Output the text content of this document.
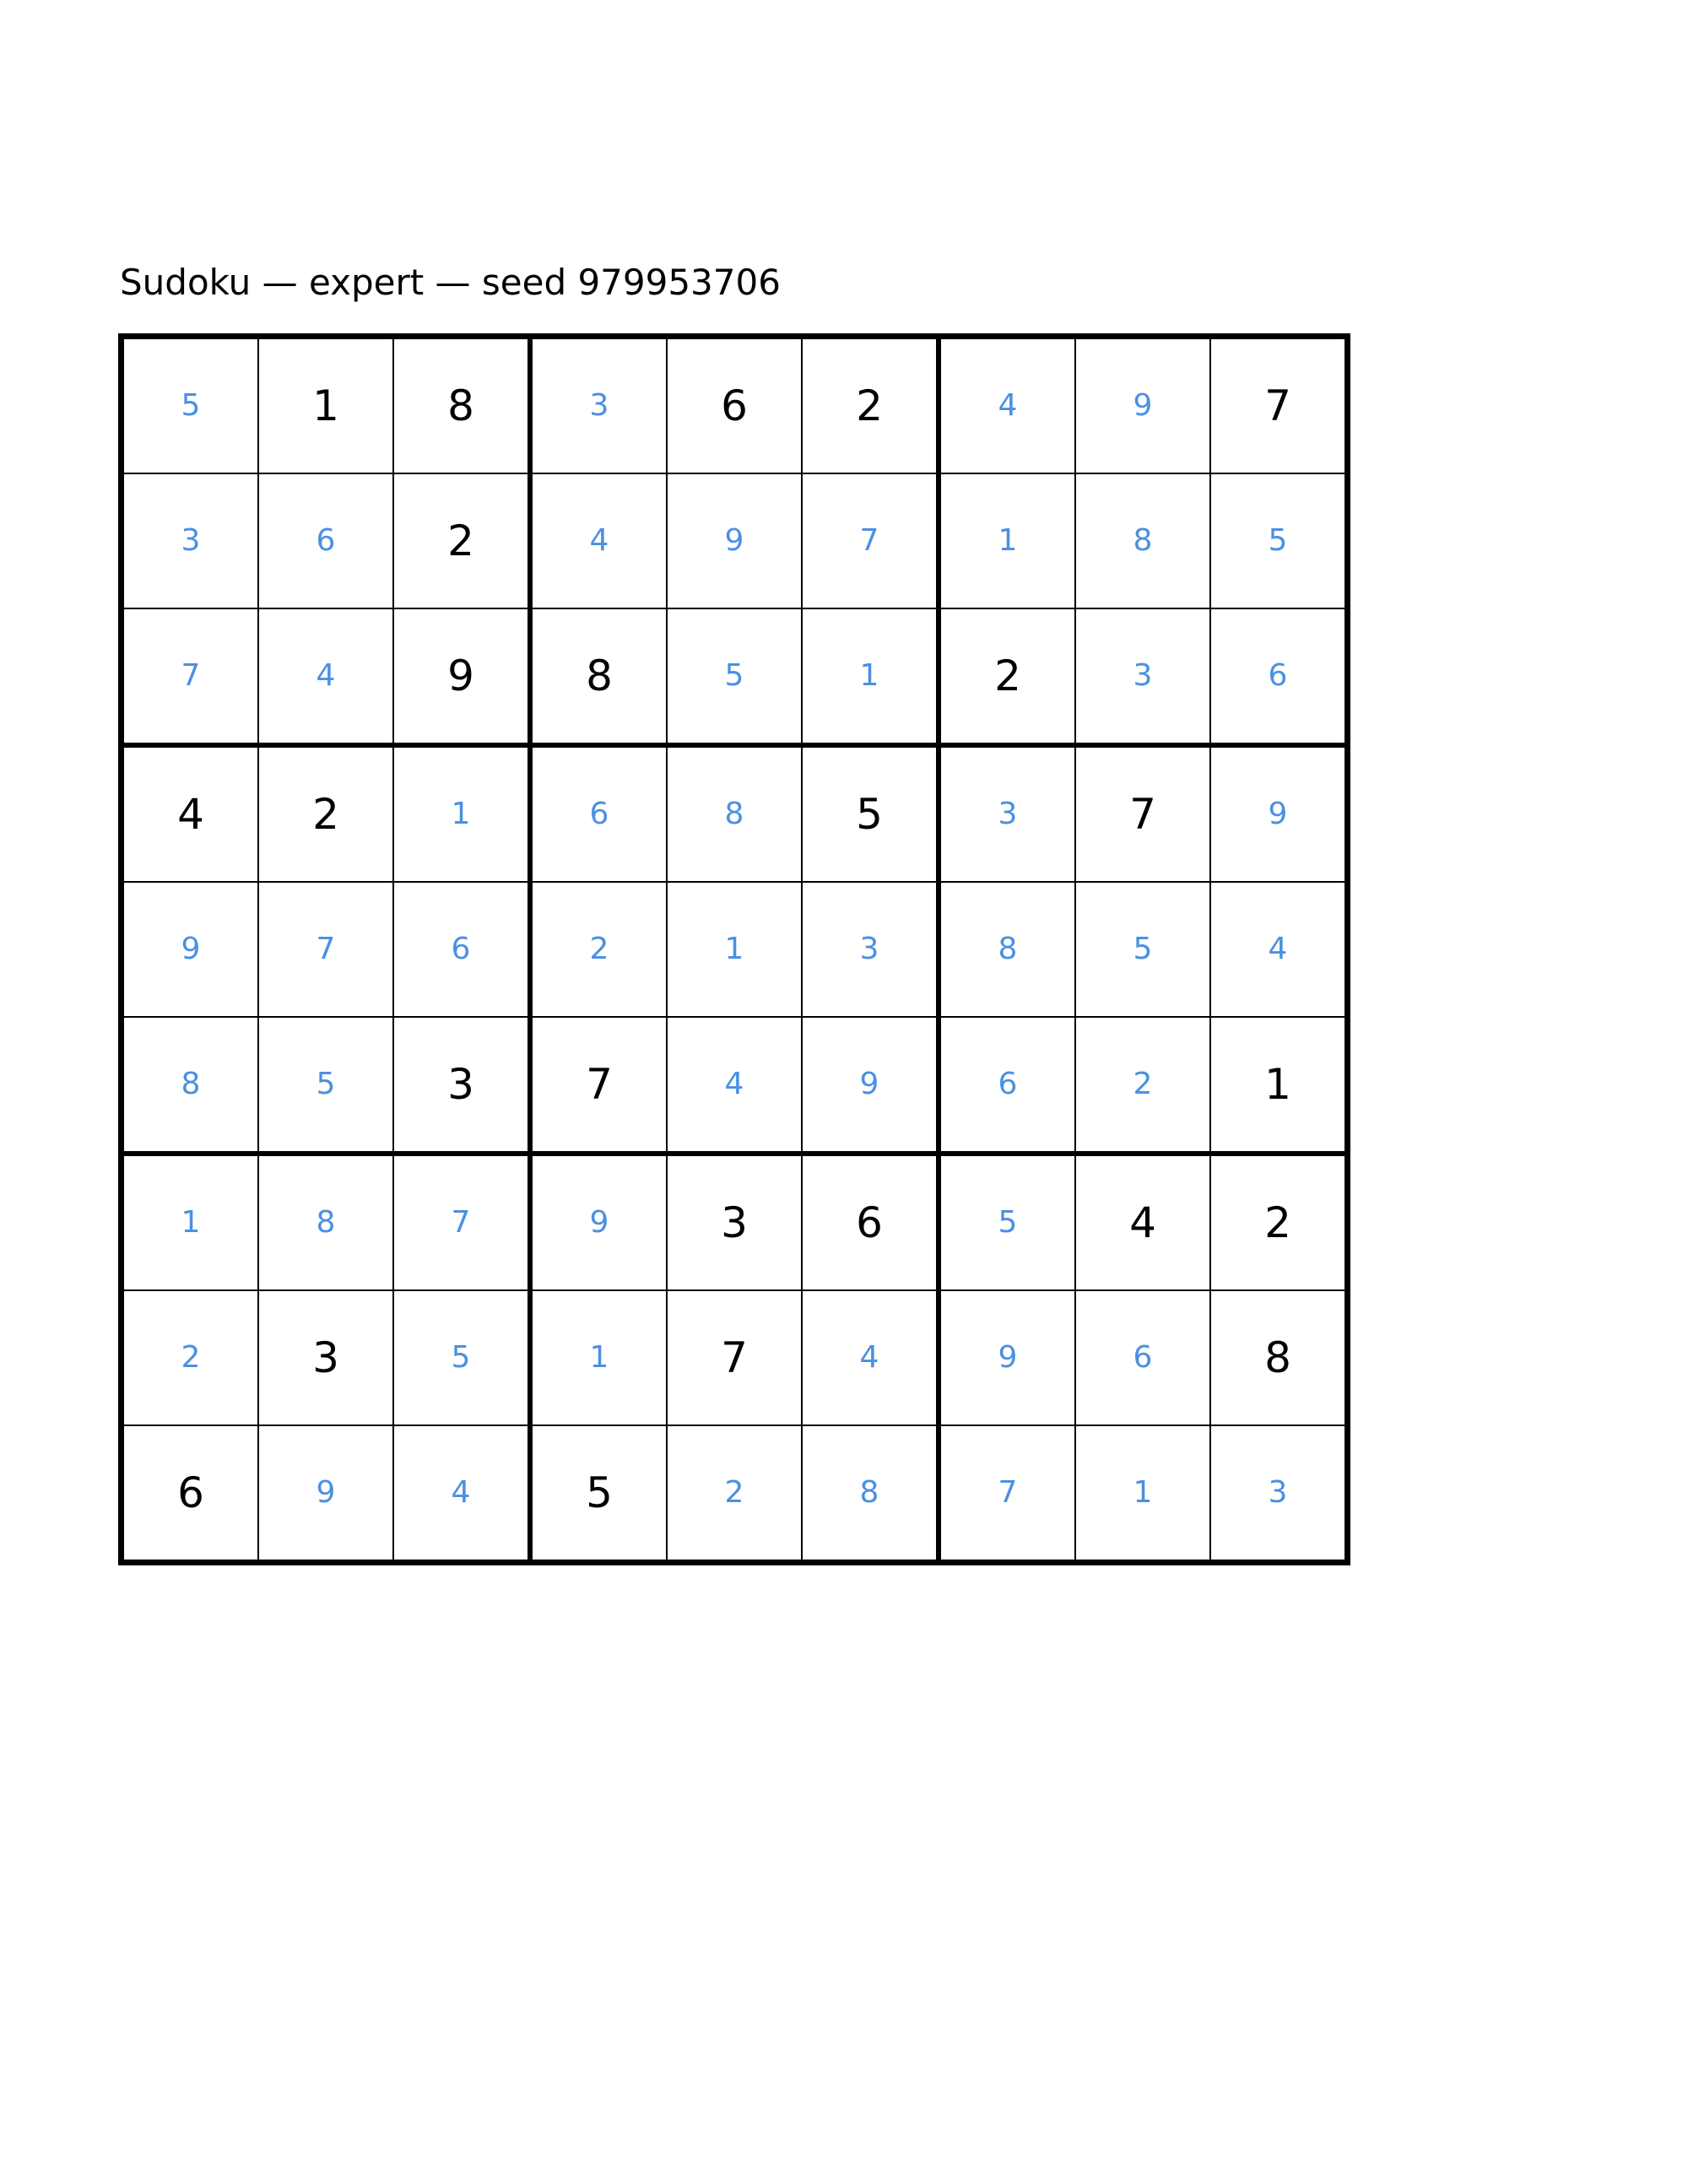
Sudoku — expert — seed 979953706
5	1	8	3	6	2	4	9	7

3	6	2	4	9	7	1	8	5

7	4	9	8	5	1	2	3	6

4	2	1	6	8	5	3	7	9

9	7	6	2	1	3	8	5	4

8	5	3	7	4	9	6	2	1

1	8	7	9	3	6	5	4	2

2	3	5	1	7	4	9	6	8

6	9	4	5	2	8	7	1	3
